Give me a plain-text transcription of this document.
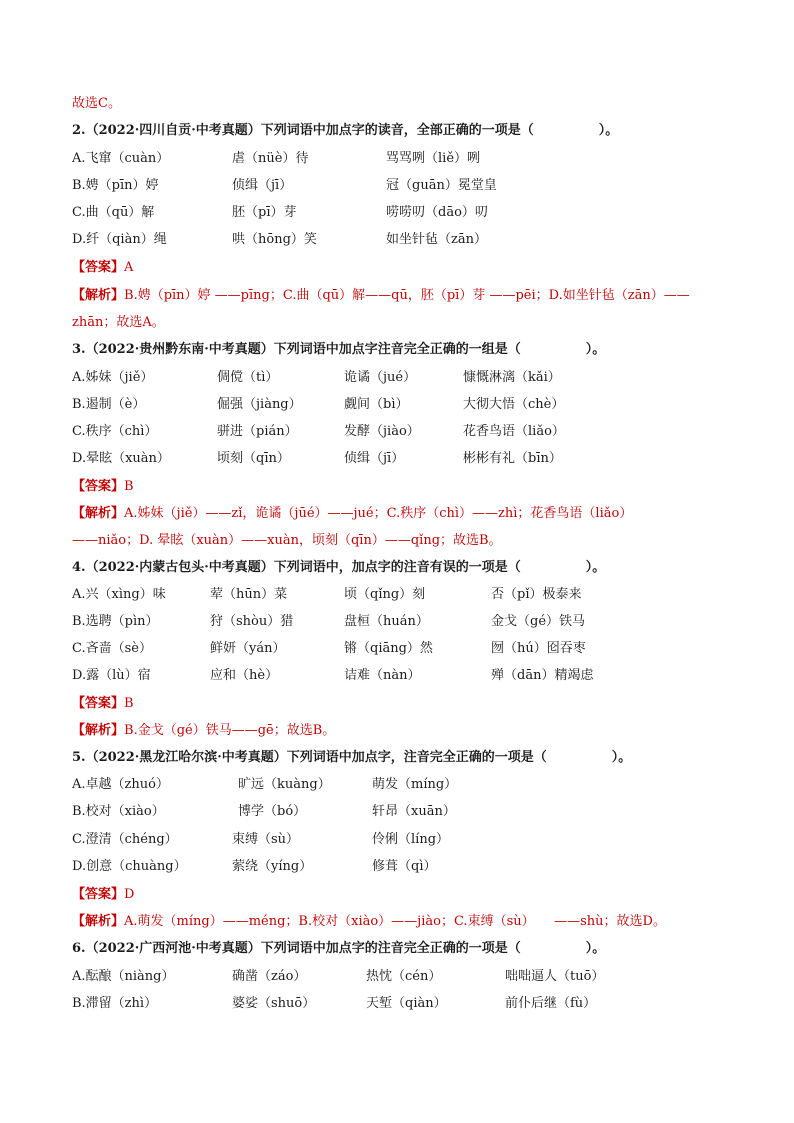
故选C。
2.（2022·四川自贡·中考真题）下列词语中加点字的读音，全部正确的一项是（　　　　　）。
A.飞窜（cuàn）	虐（nüè）待	骂骂咧（liě）咧
B.娉（pīn）婷	侦缉（jī）	冠（guān）冕堂皇
C.曲（qū）解	胚（pī）芽	唠唠叨（dāo）叨
D.纤（qiàn）绳	哄（hōng）笑	如坐针毡（zān）
【答案】A
【解析】B.娉（pīn）婷 ——pīng；C.曲（qū）解——qū，胚（pī）芽 ——pēi；D.如坐针毡（zān）——
zhān；故选A。
3.（2022·贵州黔东南·中考真题）下列词语中加点字注音完全正确的一组是（　　　　　）。
A.姊妹（jiě）	倜傥（tì）	诡谲（jué）	慷慨淋漓（kǎi）
B.遏制（è）	倔强（jiàng）	觑间（bì）	大彻大悟（chè）
C.秩序（chì）	骈进（pián）	发酵（jiào）	花香鸟语（liǎo）
D.晕眩（xuàn）	顷刻（qīn）	侦缉（jī）	彬彬有礼（bīn）
【答案】B
【解析】A.姊妹（jiě）——zǐ，诡谲（jūé）——jué；C.秩序（chì）——zhì；花香鸟语（liǎo）
——niǎo；D. 晕眩（xuàn）——xuàn，顷刻（qīn）——qǐng；故选B。
4.（2022·内蒙古包头·中考真题）下列词语中，加点字的注音有误的一项是（　　　　　）。
A.兴（xìng）味	荤（hūn）菜	顷（qǐng）刻	否（pǐ）极泰来
B.选聘（pìn）	狩（shòu）猎	盘桓（huán）	金戈（gé）铁马
C.吝啬（sè）	鲜妍（yán）	锵（qiāng）然	囫（hú）囵吞枣
D.露（lù）宿	应和（hè）	诘难（nàn）	殚（dān）精竭虑
【答案】B
【解析】B.金戈（gé）铁马——gē；故选B。
5.（2022·黑龙江哈尔滨·中考真题）下列词语中加点字，注音完全正确的一项是（　　　　　）。
A.卓越（zhuó）	旷远（kuàng）	萌发（míng）
B.校对（xiào）	博学（bó）	轩昂（xuān）
C.澄清（chéng）	束缚（sù）	伶俐（líng）
D.创意（chuàng）	萦绕（yíng）	修葺（qì）
【答案】D
【解析】A.萌发（míng）——méng；B.校对（xiào）——jiào；C.束缚（sù）　　——shù；故选D。
6.（2022·广西河池·中考真题）下列词语中加点字的注音完全正确的一项是（　　　　　）。
A.酝酿（niàng）	确凿（záo）	热忱（cén）	咄咄逼人（tuō）
B.滞留（zhì）	婆娑（shuō）	天堑（qiàn）	前仆后继（fù）
